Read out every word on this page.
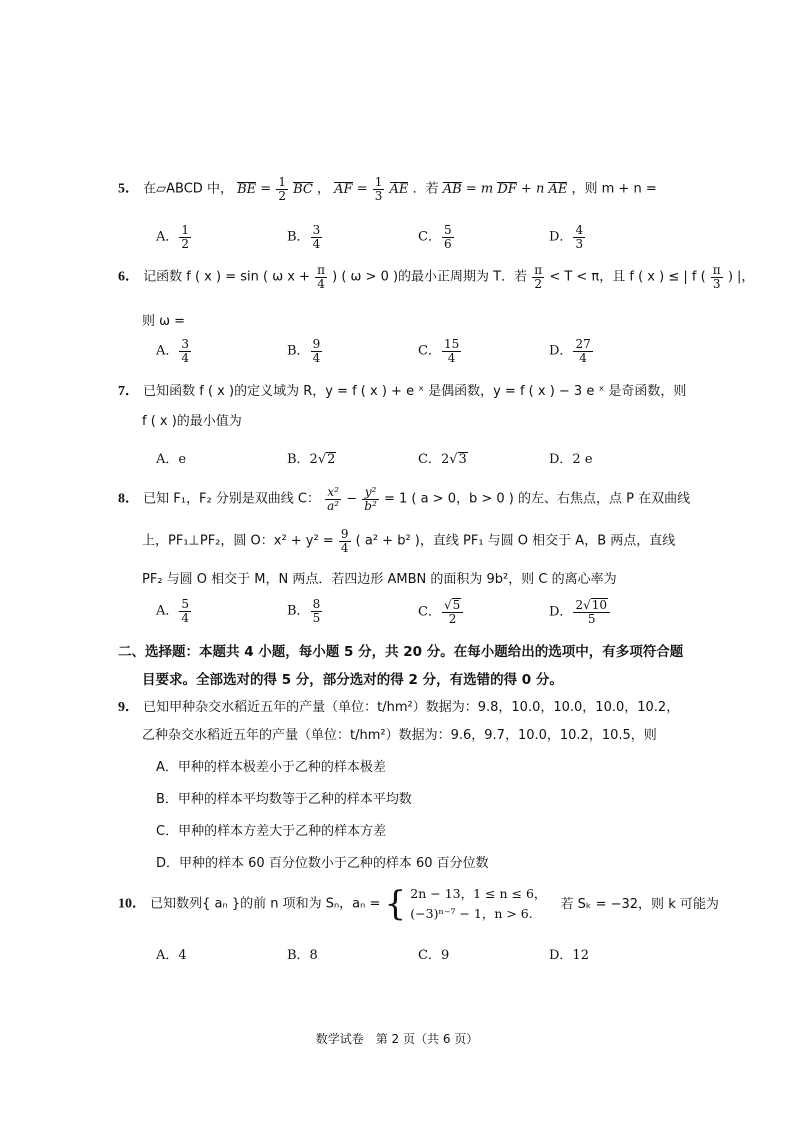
5． 在▱ABCD 中， BE = $\frac{1}{2}$ BC ， AF = $\frac{1}{3}$ AE ．若 AB = m DF + n AE ，则 m + n =
A． $\frac{1}{2}$	B． $\frac{3}{4}$	C． $\frac{5}{6}$	D． $\frac{4}{3}$
6． 记函数 f ( x ) = sin ( ω $x + \frac{\pi}{4}$ ) ( ω > 0 )的最小正周期为 T．若 $\frac{\pi}{2} < T < \pi$，且 f ( x ) ≤ | f ( $\frac{\pi}{3}$ ) |，
则 ω =
A． $\frac{3}{4}$	B． $\frac{9}{4}$	C． $\frac{15}{4}$	D． $\frac{27}{4}$
7． 已知函数 f ( x )的定义域为 R，y = f ( x ) + e ˣ 是偶函数，y = f ( x ) − 3 e ˣ 是奇函数，则
f ( x )的最小值为
A．e	B．2√2	C．2√3	D．2 e
8． 已知 F₁，F₂ 分别是双曲线 C： $\frac{\text{x²}}{\text{a²}} - \frac{\text{y²}}{\text{b²}} = 1$ ( a > 0，b > 0 ) 的左、右焦点，点 P 在双曲线
上，PF₁⊥PF₂，圆 O：$x^2 + y^2 = \frac{9}{4}$ ( a² + b² )，直线 PF₁ 与圆 O 相交于 A，B 两点，直线
PF₂ 与圆 O 相交于 M，N 两点．若四边形 AMBN 的面积为 9b²，则 C 的离心率为
A． $\frac{5}{4}$	B． $\frac{8}{5}$	C． $\frac{√5}{2}$	D． $\frac{2√10}{5}$
二、选择题：本题共 4 小题，每小题 5 分，共 20 分。在每小题给出的选项中，有多项符合题
目要求。全部选对的得 5 分，部分选对的得 2 分，有选错的得 0 分。
9． 已知甲种杂交水稻近五年的产量（单位：t/hm²）数据为：9.8，10.0，10.0，10.0，10.2，
乙种杂交水稻近五年的产量（单位：t/hm²）数据为：9.6，9.7，10.0，10.2，10.5，则
A．甲种的样本极差小于乙种的样本极差
B．甲种的样本平均数等于乙种的样本平均数
C．甲种的样本方差大于乙种的样本方差
D．甲种的样本 60 百分位数小于乙种的样本 60 百分位数
10． 已知数列{ aₙ }的前 n 项和为 Sₙ，aₙ = { 2n − 13，1 ≤ n ≤ 6，
(−3)ⁿ⁻⁷ − 1，n > 6.
若 Sₖ = −32，则 k 可能为
A．4	B．8	C．9	D．12
数学试卷　第 2 页（共 6 页）
